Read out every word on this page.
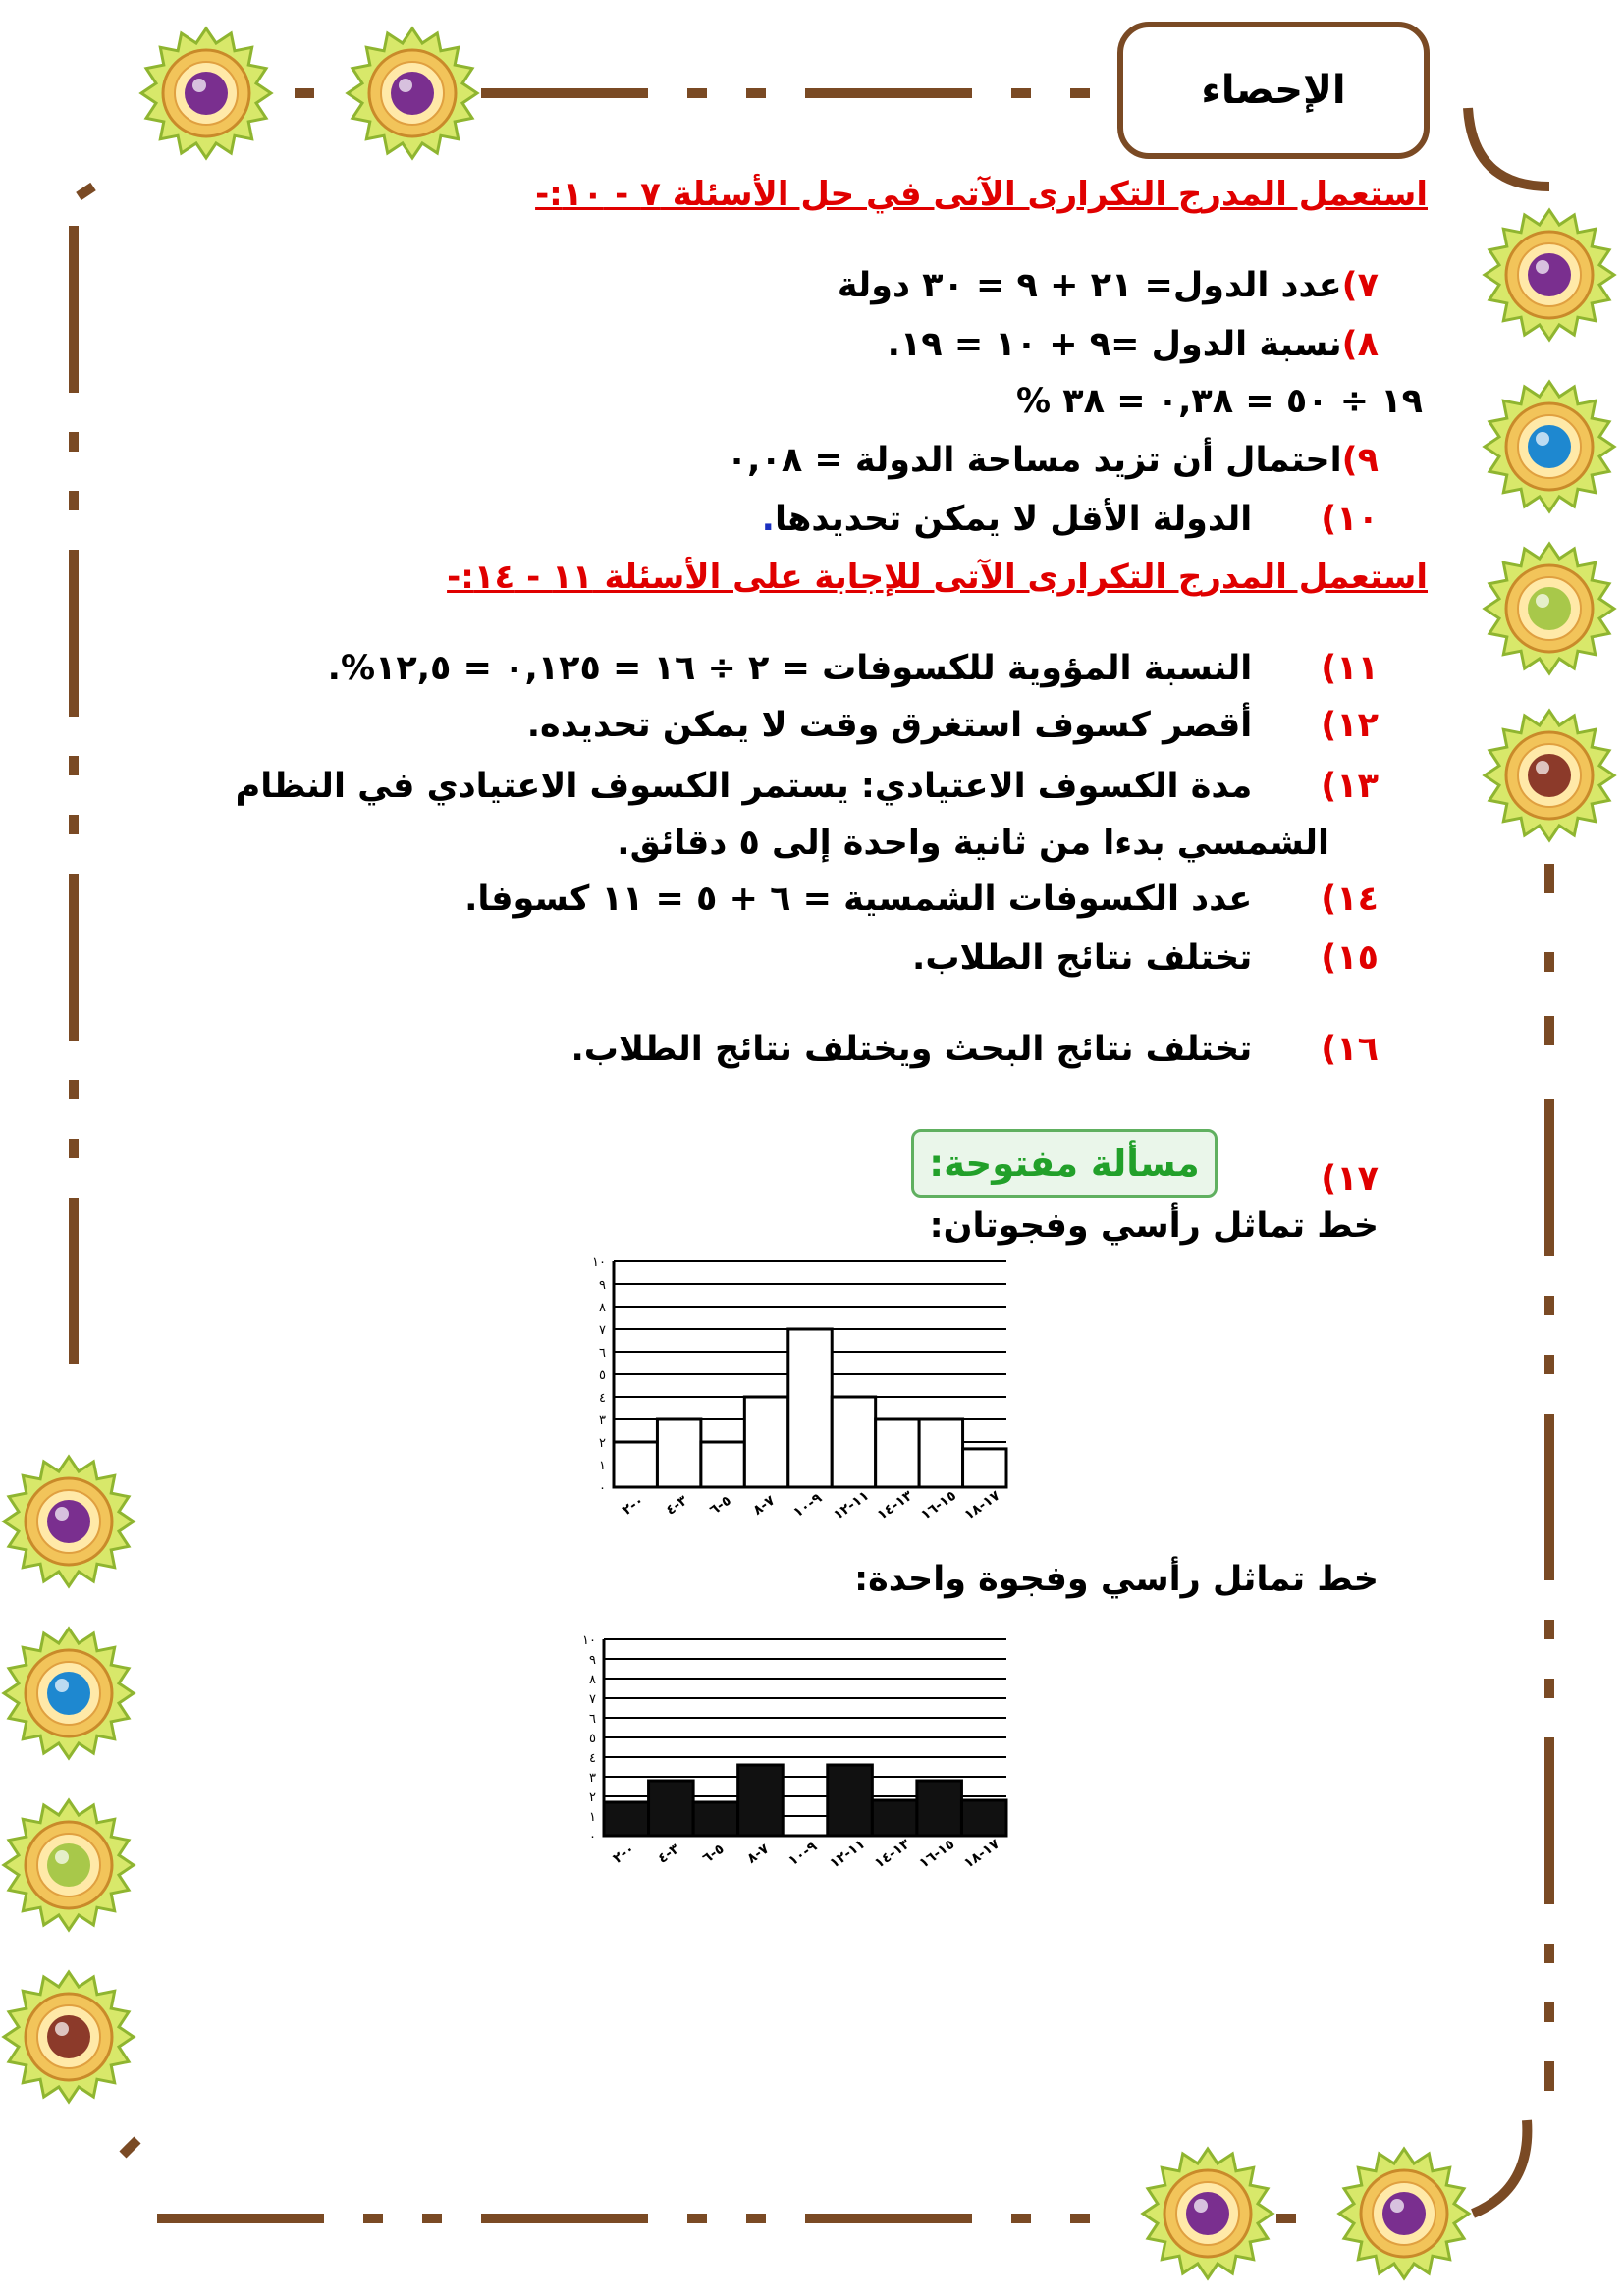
الإحصاء
استعمل المدرج التكرارى الآتى في حل الأسئلة ٧ - ١٠:-
٧)عدد الدول= ٢١ + ٩ = ٣٠ دولة
٨)نسبة الدول =٩ + ١٠ = ١٩.
١٩ ÷ ٥٠ = ٠,٣٨ = ٣٨ %
٩)احتمال أن تزيد مساحة الدولة = ٠,٠٨
١٠)الدولة الأقل لا يمكن تحديدها.
استعمل المدرج التكرارى الآتى للإجابة على الأسئلة ١١ - ١٤:-
١١)النسبة المؤوية للكسوفات = ٢ ÷ ١٦ = ٠,١٢٥ = ١٢,٥%.
١٢)أقصر كسوف استغرق وقت لا يمكن تحديده.
١٣)مدة الكسوف الاعتيادي: يستمر الكسوف الاعتيادي في النظام
الشمسي بدءا من ثانية واحدة إلى ٥ دقائق.
١٤)عدد الكسوفات الشمسية = ٦ + ٥ = ١١ كسوفا.
١٥)تختلف نتائج الطلاب.
١٦)تختلف نتائج البحث ويختلف نتائج الطلاب.
مسألة مفتوحة:	١٧)
خط تماثل رأسي وفجوتان:
خط تماثل رأسي وفجوة واحدة:
٠
١
٢
٣
٤
٥
٦
٧
٨
٩
١٠
٠-٢ ٣-٤ ٥-٦ ٧-٨ ٩-١٠
١١-١٢
١٣-١٤
١٥-١٦
١٧-١٨
٠
١
٢
٣
٤
٥
٦
٧
٨
٩
١٠
٠-٢ ٣-٤ ٥-٦ ٧-٨ ٩-١٠
١١-١٢
١٣-١٤
١٥-١٦
١٧-١٨
